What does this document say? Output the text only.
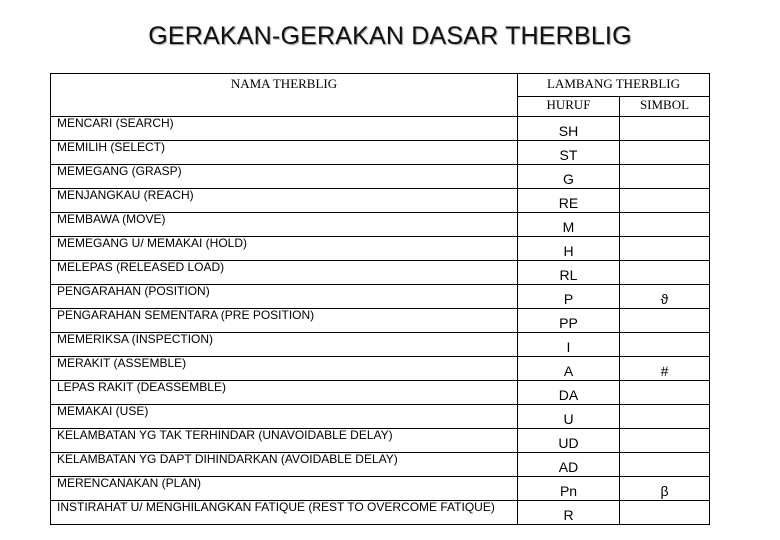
GERAKAN-GERAKAN DASAR THERBLIG
NAMA THERBLIG	LAMBANG THERBLIG	
	HURUF	SIMBOL
MENCARI (SEARCH)	SH	
MEMILIH (SELECT)	ST	
MEMEGANG (GRASP)	G	
MENJANGKAU (REACH)	RE	
MEMBAWA (MOVE)	M	
MEMEGANG U/ MEMAKAI (HOLD)	H	
MELEPAS (RELEASED LOAD)	RL	
PENGARAHAN (POSITION)	P	ϑ
PENGARAHAN SEMENTARA (PRE POSITION)	PP	
MEMERIKSA (INSPECTION)	I	
MERAKIT (ASSEMBLE)	A	#
LEPAS RAKIT (DEASSEMBLE)	DA	
MEMAKAI (USE)	U	
KELAMBATAN YG TAK TERHINDAR (UNAVOIDABLE DELAY)	UD	
KELAMBATAN YG DAPT DIHINDARKAN (AVOIDABLE DELAY)	AD	
MERENCANAKAN (PLAN)	Pn	β
INSTIRAHAT U/ MENGHILANGKAN FATIQUE (REST TO OVERCOME FATIQUE)	R	
